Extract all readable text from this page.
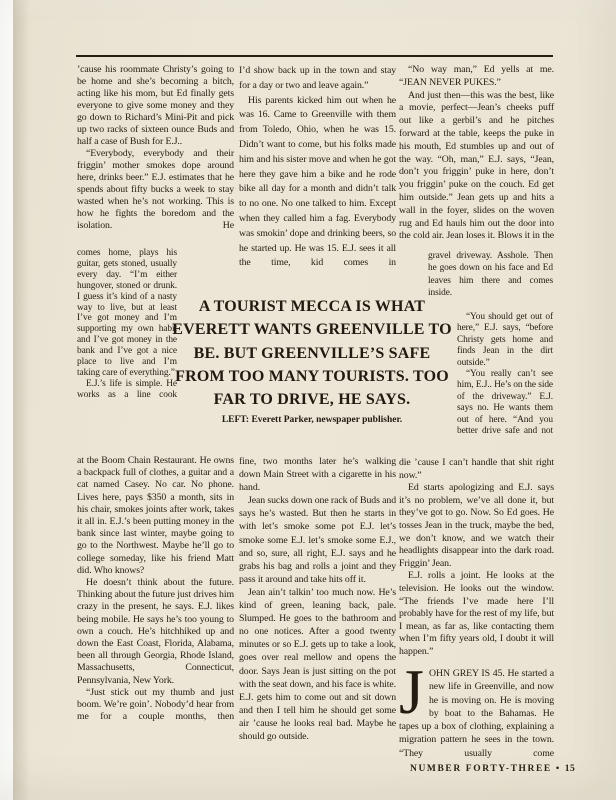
’cause his roommate Christy’s going to be home and she’s becoming a bitch, acting like his mom, but Ed finally gets everyone to give some money and they go down to Richard’s Mini-Pit and pick up two racks of sixteen ounce Buds and half a case of Bush for E.J..

“Everybody, everybody and their friggin’ mother smokes dope around here, drinks beer.” E.J. estimates that he spends about fifty bucks a week to stay wasted when he’s not working. This is how he fights the boredom and the isolation. He

comes home, plays his guitar, gets stoned, usually every day. “I’m either hungover, stoned or drunk. I guess it’s kind of a nasty way to live, but at least I’ve got money and I’m supporting my own habit and I’ve got money in the bank and I’ve got a nice place to live and I’m taking care of everything.”

E.J.’s life is simple. He works as a line cook

at the Boom Chain Restaurant. He owns a backpack full of clothes, a guitar and a cat named Casey. No car. No phone. Lives here, pays $350 a month, sits in his chair, smokes joints after work, takes it all in. E.J.’s been putting money in the bank since last winter, maybe going to go to the Northwest. Maybe he’ll go to college someday, like his friend Matt did. Who knows?

He doesn’t think about the future. Thinking about the future just drives him crazy in the present, he says. E.J. likes being mobile. He says he’s too young to own a couch. He’s hitchhiked up and down the East Coast, Florida, Alabama, been all through Georgia, Rhode Island, Massachusetts, Connecticut, Pennsylvania, New York.

“Just stick out my thumb and just boom. We’re goin’. Nobody’d hear from me for a couple months, then

I’d show back up in the town and stay for a day or two and leave again.”

His parents kicked him out when he was 16. Came to Greenville with them from Toledo, Ohio, when he was 15. Didn’t want to come, but his folks made him and his sister move and when he got here they gave him a bike and he rode bike all day for a month and didn’t talk to no one. No one talked to him. Except when they called him a fag. Everybody was smokin’ dope and drinking beers, so he started up. He was 15. E.J. sees it all the time, kid comes in

fine, two months later he’s walking down Main Street with a cigarette in his hand.

Jean sucks down one rack of Buds and says he’s wasted. But then he starts in with let’s smoke some pot E.J. let’s smoke some E.J. let’s smoke some E.J., and so, sure, all right, E.J. says and he grabs his bag and rolls a joint and they pass it around and take hits off it.

Jean ain’t talkin’ too much now. He’s kind of green, leaning back, pale. Slumped. He goes to the bathroom and no one notices. After a good twenty minutes or so E.J. gets up to take a look, goes over real mellow and opens the door. Says Jean is just sitting on the pot with the seat down, and his face is white. E.J. gets him to come out and sit down and then I tell him he should get some air ’cause he looks real bad. Maybe he should go outside.

“No way man,” Ed yells at me. “JEAN NEVER PUKES.”

And just then—this was the best, like a movie, perfect—Jean’s cheeks puff out like a gerbil’s and he pitches forward at the table, keeps the puke in his mouth, Ed stumbles up and out of the way. “Oh, man,” E.J. says, “Jean, don’t you friggin’ puke in here, don’t you friggin’ puke on the couch. Ed get him outside.” Jean gets up and hits a wall in the foyer, slides on the woven rug and Ed hauls him out the door into the cold air. Jean loses it. Blows it in the

gravel driveway. Asshole. Then he goes down on his face and Ed leaves him there and comes inside.

“You should get out of here,” E.J. says, “before Christy gets home and finds Jean in the dirt outside.”

“You really can’t see him, E.J.. He’s on the side of the driveway.” E.J. says no. He wants them out of here. “And you better drive safe and not

die ’cause I can’t handle that shit right now.”

Ed starts apologizing and E.J. says it’s no problem, we’ve all done it, but they’ve got to go. Now. So Ed goes. He tosses Jean in the truck, maybe the bed, we don’t know, and we watch their headlights disappear into the dark road. Friggin’ Jean.

E.J. rolls a joint. He looks at the television. He looks out the window. “The friends I’ve made here I’ll probably have for the rest of my life, but I mean, as far as, like contacting them when I’m fifty years old, I doubt it will happen.”

JOHN GREY IS 45. He started a new life in Greenville, and now he is moving on. He is moving by boat to the Bahamas. He tapes up a box of clothing, explaining a migration pattern he sees in the town. “They usually come

A TOURIST MECCA IS WHAT
EVERETT WANTS GREENVILLE TO
BE. BUT GREENVILLE’S SAFE
FROM TOO MANY TOURISTS. TOO
FAR TO DRIVE, HE SAYS.
LEFT: Everett Parker, newspaper publisher.
NUMBER FORTY-THREE • 15
